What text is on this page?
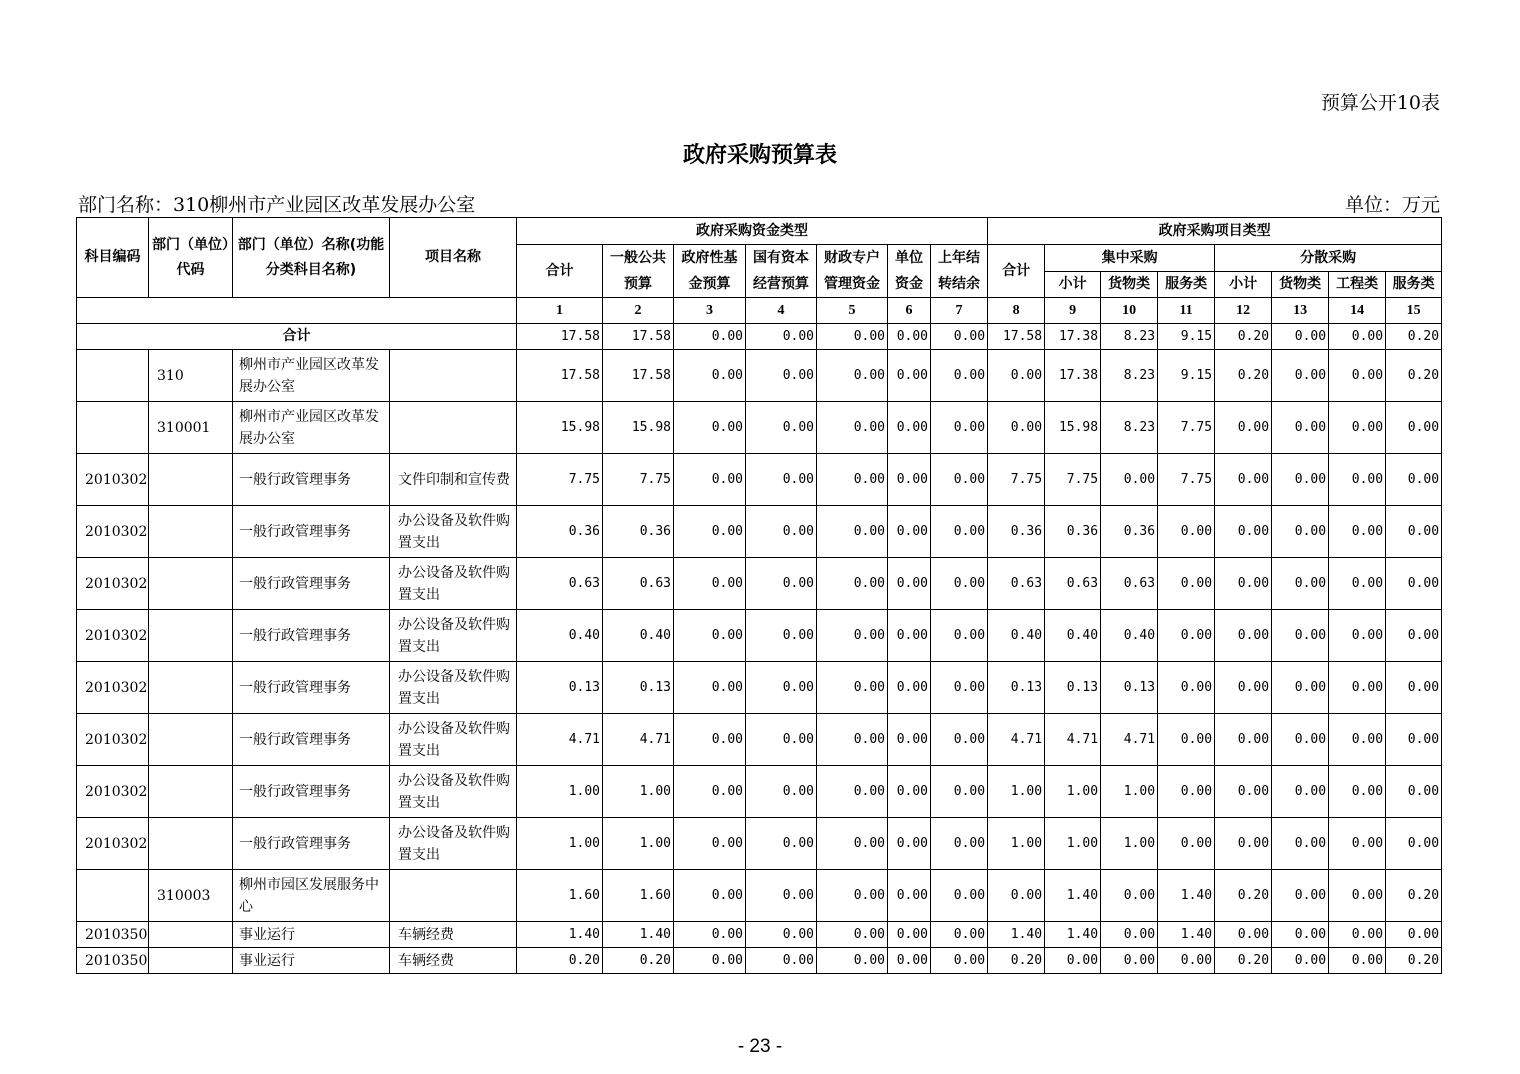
预算公开10表
政府采购预算表
部门名称：310柳州市产业园区改革发展办公室	单位：万元
科目编码	部门（单位）代码	部门（单位）名称(功能分类科目名称)	项目名称	政府采购资金类型							政府采购项目类型							
				合计	一般公共预算	政府性基金预算	国有资本经营预算	财政专户管理资金	单位资金	上年结转结余	合计	集中采购			分散采购			
												小计	货物类	服务类	小计	货物类	工程类	服务类
				1	2	3	4	5	6	7	8	9	10	11	12	13	14	15
合计				17.58	17.58	0.00	0.00	0.00	0.00	0.00	17.58	17.38	8.23	9.15	0.20	0.00	0.00	0.20
	310	柳州市产业园区改革发展办公室		17.58	17.58	0.00	0.00	0.00	0.00	0.00	0.00	17.38	8.23	9.15	0.20	0.00	0.00	0.20
	310001	柳州市产业园区改革发展办公室		15.98	15.98	0.00	0.00	0.00	0.00	0.00	0.00	15.98	8.23	7.75	0.00	0.00	0.00	0.00
2010302		一般行政管理事务	文件印制和宣传费	7.75	7.75	0.00	0.00	0.00	0.00	0.00	7.75	7.75	0.00	7.75	0.00	0.00	0.00	0.00
2010302		一般行政管理事务	办公设备及软件购置支出	0.36	0.36	0.00	0.00	0.00	0.00	0.00	0.36	0.36	0.36	0.00	0.00	0.00	0.00	0.00
2010302		一般行政管理事务	办公设备及软件购置支出	0.63	0.63	0.00	0.00	0.00	0.00	0.00	0.63	0.63	0.63	0.00	0.00	0.00	0.00	0.00
2010302		一般行政管理事务	办公设备及软件购置支出	0.40	0.40	0.00	0.00	0.00	0.00	0.00	0.40	0.40	0.40	0.00	0.00	0.00	0.00	0.00
2010302		一般行政管理事务	办公设备及软件购置支出	0.13	0.13	0.00	0.00	0.00	0.00	0.00	0.13	0.13	0.13	0.00	0.00	0.00	0.00	0.00
2010302		一般行政管理事务	办公设备及软件购置支出	4.71	4.71	0.00	0.00	0.00	0.00	0.00	4.71	4.71	4.71	0.00	0.00	0.00	0.00	0.00
2010302		一般行政管理事务	办公设备及软件购置支出	1.00	1.00	0.00	0.00	0.00	0.00	0.00	1.00	1.00	1.00	0.00	0.00	0.00	0.00	0.00
2010302		一般行政管理事务	办公设备及软件购置支出	1.00	1.00	0.00	0.00	0.00	0.00	0.00	1.00	1.00	1.00	0.00	0.00	0.00	0.00	0.00
	310003	柳州市园区发展服务中心		1.60	1.60	0.00	0.00	0.00	0.00	0.00	0.00	1.40	0.00	1.40	0.20	0.00	0.00	0.20
2010350		事业运行	车辆经费	1.40	1.40	0.00	0.00	0.00	0.00	0.00	1.40	1.40	0.00	1.40	0.00	0.00	0.00	0.00
2010350		事业运行	车辆经费	0.20	0.20	0.00	0.00	0.00	0.00	0.00	0.20	0.00	0.00	0.00	0.20	0.00	0.00	0.20
- 23 -
